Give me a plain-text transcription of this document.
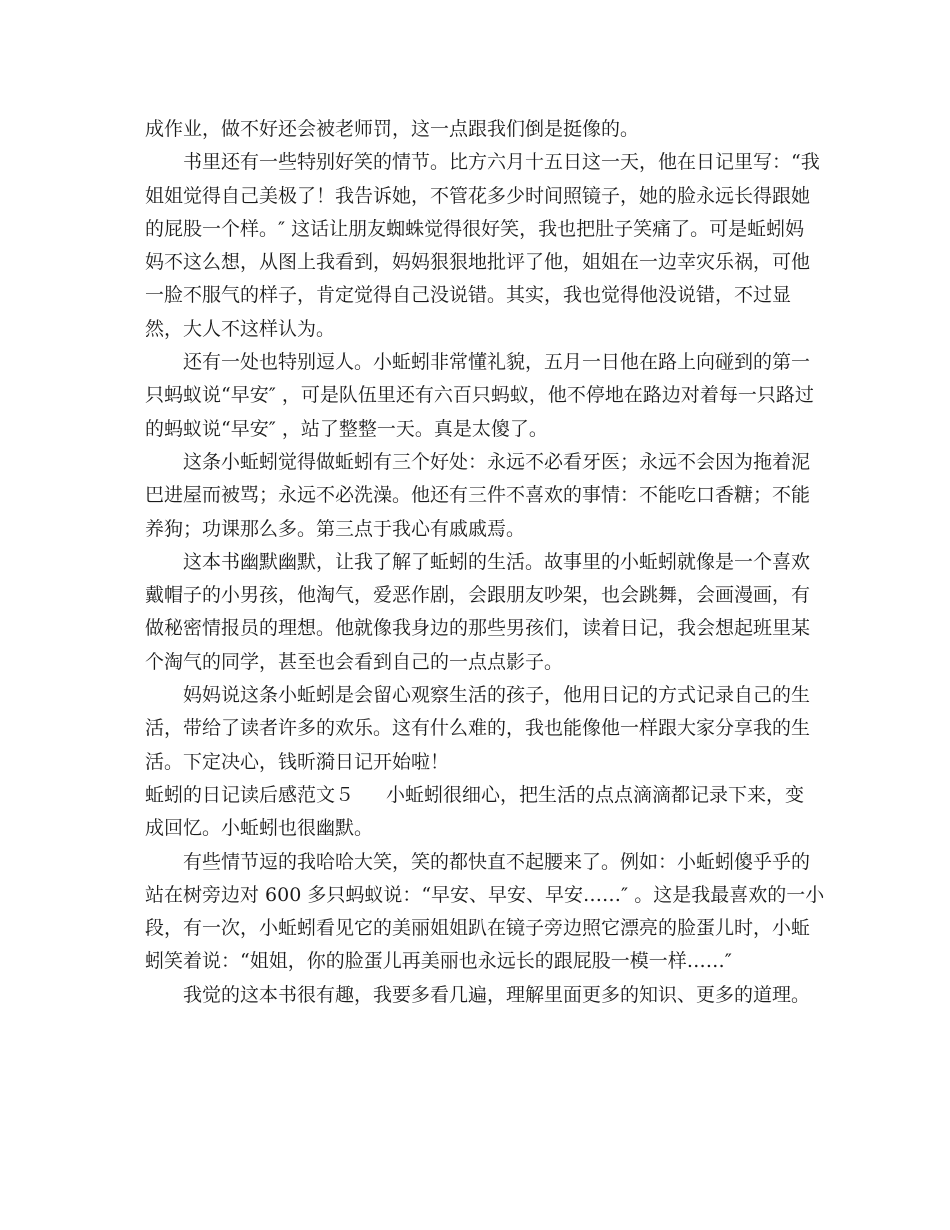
成作业，做不好还会被老师罚，这一点跟我们倒是挺像的。
书里还有一些特别好笑的情节。比方六月十五日这一天，他在日记里写：“我
姐姐觉得自己美极了！我告诉她，不管花多少时间照镜子，她的脸永远长得跟她
的屁股一个样。″ 这话让朋友蜘蛛觉得很好笑，我也把肚子笑痛了。可是蚯蚓妈
妈不这么想，从图上我看到，妈妈狠狠地批评了他，姐姐在一边幸灾乐祸，可他
一脸不服气的样子，肯定觉得自己没说错。其实，我也觉得他没说错，不过显
然，大人不这样认为。
还有一处也特别逗人。小蚯蚓非常懂礼貌，五月一日他在路上向碰到的第一
只蚂蚁说“早安″ ，可是队伍里还有六百只蚂蚁，他不停地在路边对着每一只路过
的蚂蚁说“早安″ ，站了整整一天。真是太傻了。
这条小蚯蚓觉得做蚯蚓有三个好处：永远不必看牙医；永远不会因为拖着泥
巴进屋而被骂；永远不必洗澡。他还有三件不喜欢的事情：不能吃口香糖；不能
养狗；功课那么多。第三点于我心有戚戚焉。
这本书幽默幽默，让我了解了蚯蚓的生活。故事里的小蚯蚓就像是一个喜欢
戴帽子的小男孩，他淘气，爱恶作剧，会跟朋友吵架，也会跳舞，会画漫画，有
做秘密情报员的理想。他就像我身边的那些男孩们，读着日记，我会想起班里某
个淘气的同学，甚至也会看到自己的一点点影子。
妈妈说这条小蚯蚓是会留心观察生活的孩子，他用日记的方式记录自己的生
活，带给了读者许多的欢乐。这有什么难的，我也能像他一样跟大家分享我的生
活。下定决心，钱昕漪日记开始啦！
蚯蚓的日记读后感范文５ 小蚯蚓很细心，把生活的点点滴滴都记录下来，变
成回忆。小蚯蚓也很幽默。
有些情节逗的我哈哈大笑，笑的都快直不起腰来了。例如：小蚯蚓傻乎乎的
站在树旁边对 600 多只蚂蚁说：“早安、早安、早安……″ 。这是我最喜欢的一小
段，有一次，小蚯蚓看见它的美丽姐姐趴在镜子旁边照它漂亮的脸蛋儿时，小蚯
蚓笑着说：“姐姐，你的脸蛋儿再美丽也永远长的跟屁股一模一样……″
我觉的这本书很有趣，我要多看几遍，理解里面更多的知识、更多的道理。
